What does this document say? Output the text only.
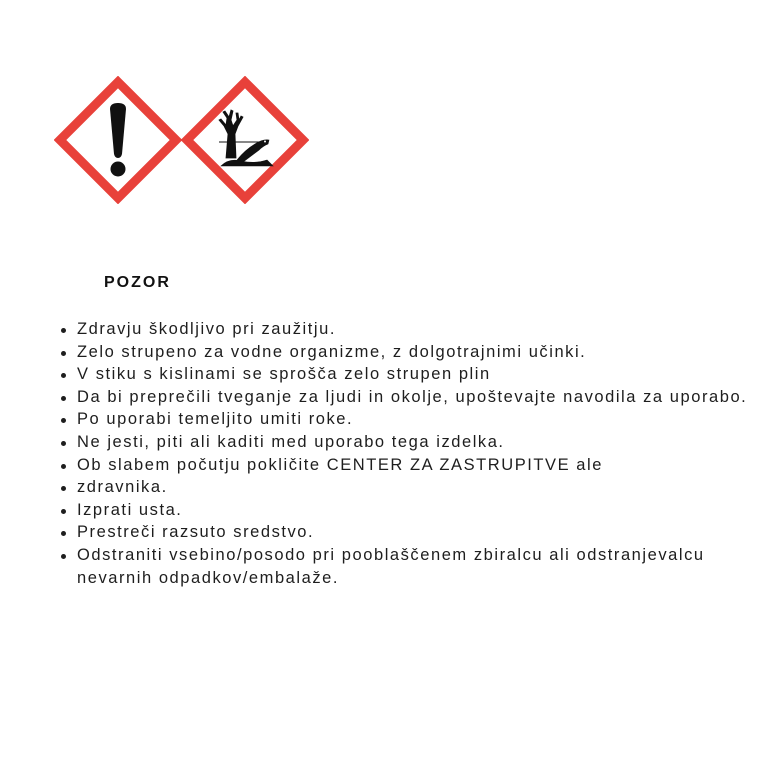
POZOR
Zdravju škodljivo pri zaužitju.
Zelo strupeno za vodne organizme, z dolgotrajnimi učinki.
V stiku s kislinami se sprošča zelo strupen plin
Da bi preprečili tveganje za ljudi in okolje, upoštevajte navodila za uporabo.
Po uporabi temeljito umiti roke.
Ne jesti, piti ali kaditi med uporabo tega izdelka.
Ob slabem počutju pokličite CENTER ZA ZASTRUPITVE ale
zdravnika.
Izprati usta.
Prestreči razsuto sredstvo.
Odstraniti vsebino/posodo pri pooblaščenem zbiralcu ali odstranjevalcu nevarnih odpadkov/embalaže.
